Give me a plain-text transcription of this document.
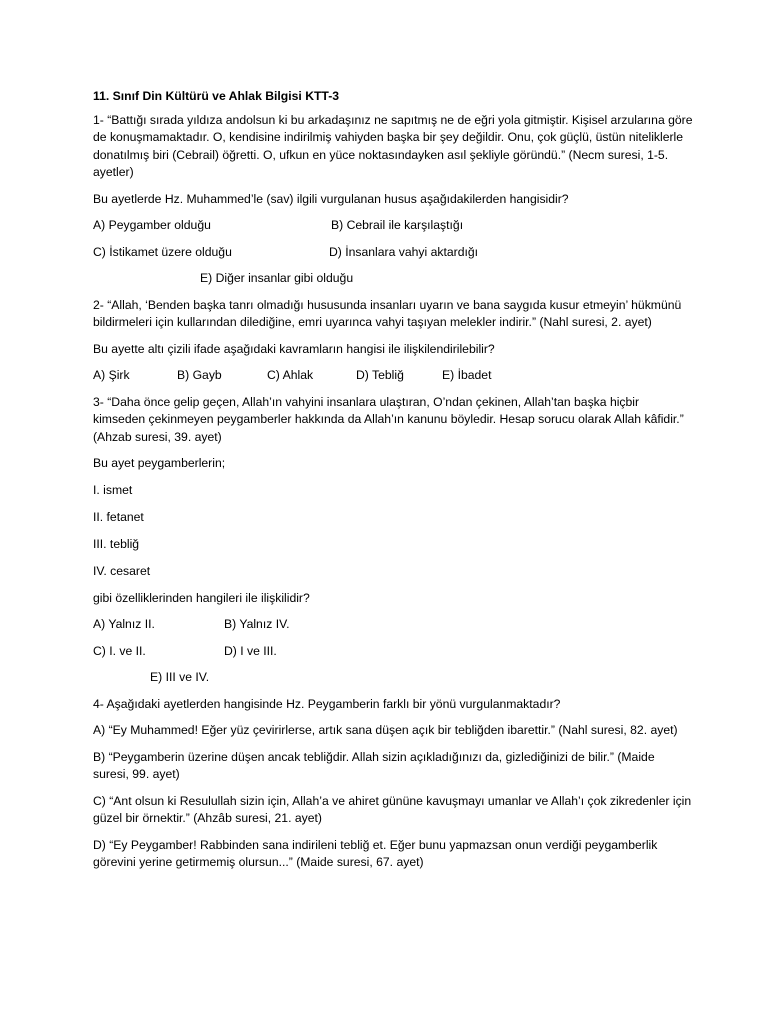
11. Sınıf Din Kültürü ve Ahlak Bilgisi KTT-3

1- “Battığı sırada yıldıza andolsun ki bu arkadaşınız ne sapıtmış ne de eğri yola gitmiştir. Kişisel arzularına göre de konuşmamaktadır. O, kendisine indirilmiş vahiyden başka bir şey değildir. Onu, çok güçlü, üstün niteliklerle donatılmış biri (Cebrail) öğretti. O, ufkun en yüce noktasındayken asıl şekliyle göründü.” (Necm suresi, 1-5. ayetler)

Bu ayetlerde Hz. Muhammed’le (sav) ilgili vurgulanan husus aşağıdakilerden hangisidir?

A) Peygamber olduğu	B) Cebrail ile karşılaştığı
C) İstikamet üzere olduğu	D) İnsanlara vahyi aktardığı
E) Diğer insanlar gibi olduğu

2- “Allah, ‘Benden başka tanrı olmadığı hususunda insanları uyarın ve bana saygıda kusur etmeyin’ hükmünü bildirmeleri için kullarından dilediğine, emri uyarınca vahyi taşıyan melekler indirir.” (Nahl suresi, 2. ayet)

Bu ayette altı çizili ifade aşağıdaki kavramların hangisi ile ilişkilendirilebilir?

A) Şirk	B) Gayb	C) Ahlak	D) Tebliğ	E) İbadet

3- “Daha önce gelip geçen, Allah’ın vahyini insanlara ulaştıran, O’ndan çekinen, Allah’tan başka hiçbir kimseden çekinmeyen peygamberler hakkında da Allah’ın kanunu böyledir. Hesap sorucu olarak Allah kâfidir.” (Ahzab suresi, 39. ayet)

Bu ayet peygamberlerin;

I. ismet

II. fetanet

III. tebliğ

IV. cesaret

gibi özelliklerinden hangileri ile ilişkilidir?

A) Yalnız II.	B) Yalnız IV.
C) I. ve II.	D) I ve III.
E) III ve IV.

4- Aşağıdaki ayetlerden hangisinde Hz. Peygamberin farklı bir yönü vurgulanmaktadır?

A) “Ey Muhammed! Eğer yüz çevirirlerse, artık sana düşen açık bir tebliğden ibarettir.” (Nahl suresi, 82. ayet)

B) “Peygamberin üzerine düşen ancak tebliğdir. Allah sizin açıkladığınızı da, gizlediğinizi de bilir.” (Maide suresi, 99. ayet)

C) “Ant olsun ki Resulullah sizin için, Allah’a ve ahiret gününe kavuşmayı umanlar ve Allah’ı çok zikredenler için güzel bir örnektir.” (Ahzâb suresi, 21. ayet)

D) “Ey Peygamber! Rabbinden sana indirileni tebliğ et. Eğer bunu yapmazsan onun verdiği peygamberlik görevini yerine getirmemiş olursun...” (Maide suresi, 67. ayet)
